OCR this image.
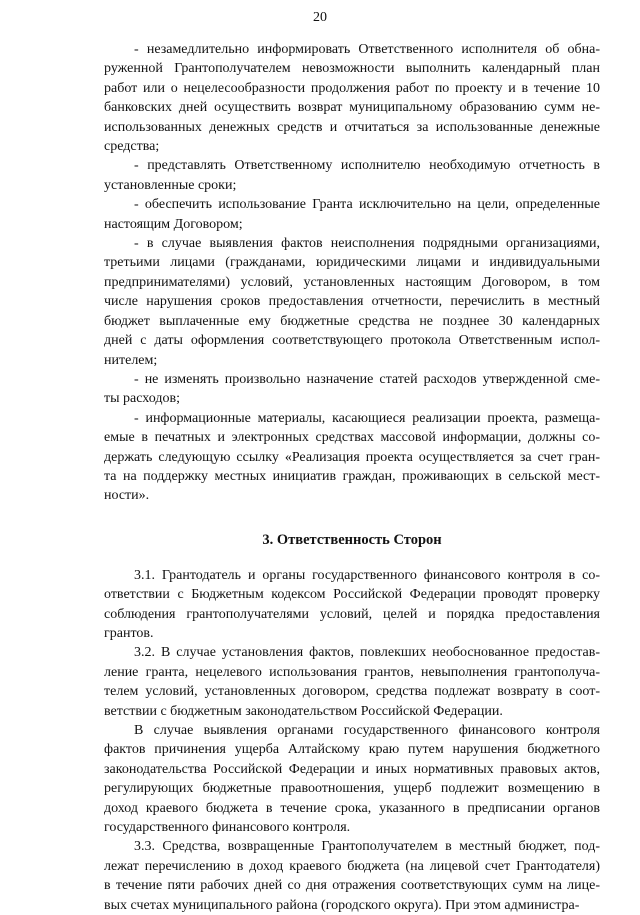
20
- незамедлительно информировать Ответственного исполнителя об обна-
руженной Грантополучателем невозможности выполнить календарный план
работ или о нецелесообразности продолжения работ по проекту и в течение 10
банковских дней осуществить возврат муниципальному образованию сумм не-
использованных денежных средств и отчитаться за использованные денежные
средства;
- представлять Ответственному исполнителю необходимую отчетность в
установленные сроки;
- обеспечить использование Гранта исключительно на цели, определенные
настоящим Договором;
- в случае выявления фактов неисполнения подрядными организациями,
третьими лицами (гражданами, юридическими лицами и индивидуальными
предпринимателями) условий, установленных настоящим Договором, в том
числе нарушения сроков предоставления отчетности, перечислить в местный
бюджет выплаченные ему бюджетные средства не позднее 30 календарных
дней с даты оформления соответствующего протокола Ответственным испол-
нителем;
- не изменять произвольно назначение статей расходов утвержденной сме-
ты расходов;
- информационные материалы, касающиеся реализации проекта, размеща-
емые в печатных и электронных средствах массовой информации, должны со-
держать следующую ссылку «Реализация проекта осуществляется за счет гран-
та на поддержку местных инициатив граждан, проживающих в сельской мест-
ности».
3. Ответственность Сторон
3.1. Грантодатель и органы государственного финансового контроля в со-
ответствии с Бюджетным кодексом Российской Федерации проводят проверку
соблюдения грантополучателями условий, целей и порядка предоставления
грантов.
3.2. В случае установления фактов, повлекших необоснованное предостав-
ление гранта, нецелевого использования грантов, невыполнения грантополуча-
телем условий, установленных договором, средства подлежат возврату в соот-
ветствии с бюджетным законодательством Российской Федерации.
В случае выявления органами государственного финансового контроля
фактов причинения ущерба Алтайскому краю путем нарушения бюджетного
законодательства Российской Федерации и иных нормативных правовых актов,
регулирующих бюджетные правоотношения, ущерб подлежит возмещению в
доход краевого бюджета в течение срока, указанного в предписании органов
государственного финансового контроля.
3.3. Средства, возвращенные Грантополучателем в местный бюджет, под-
лежат перечислению в доход краевого бюджета (на лицевой счет Грантодателя)
в течение пяти рабочих дней со дня отражения соответствующих сумм на лице-
вых счетах муниципального района (городского округа). При этом администра-
